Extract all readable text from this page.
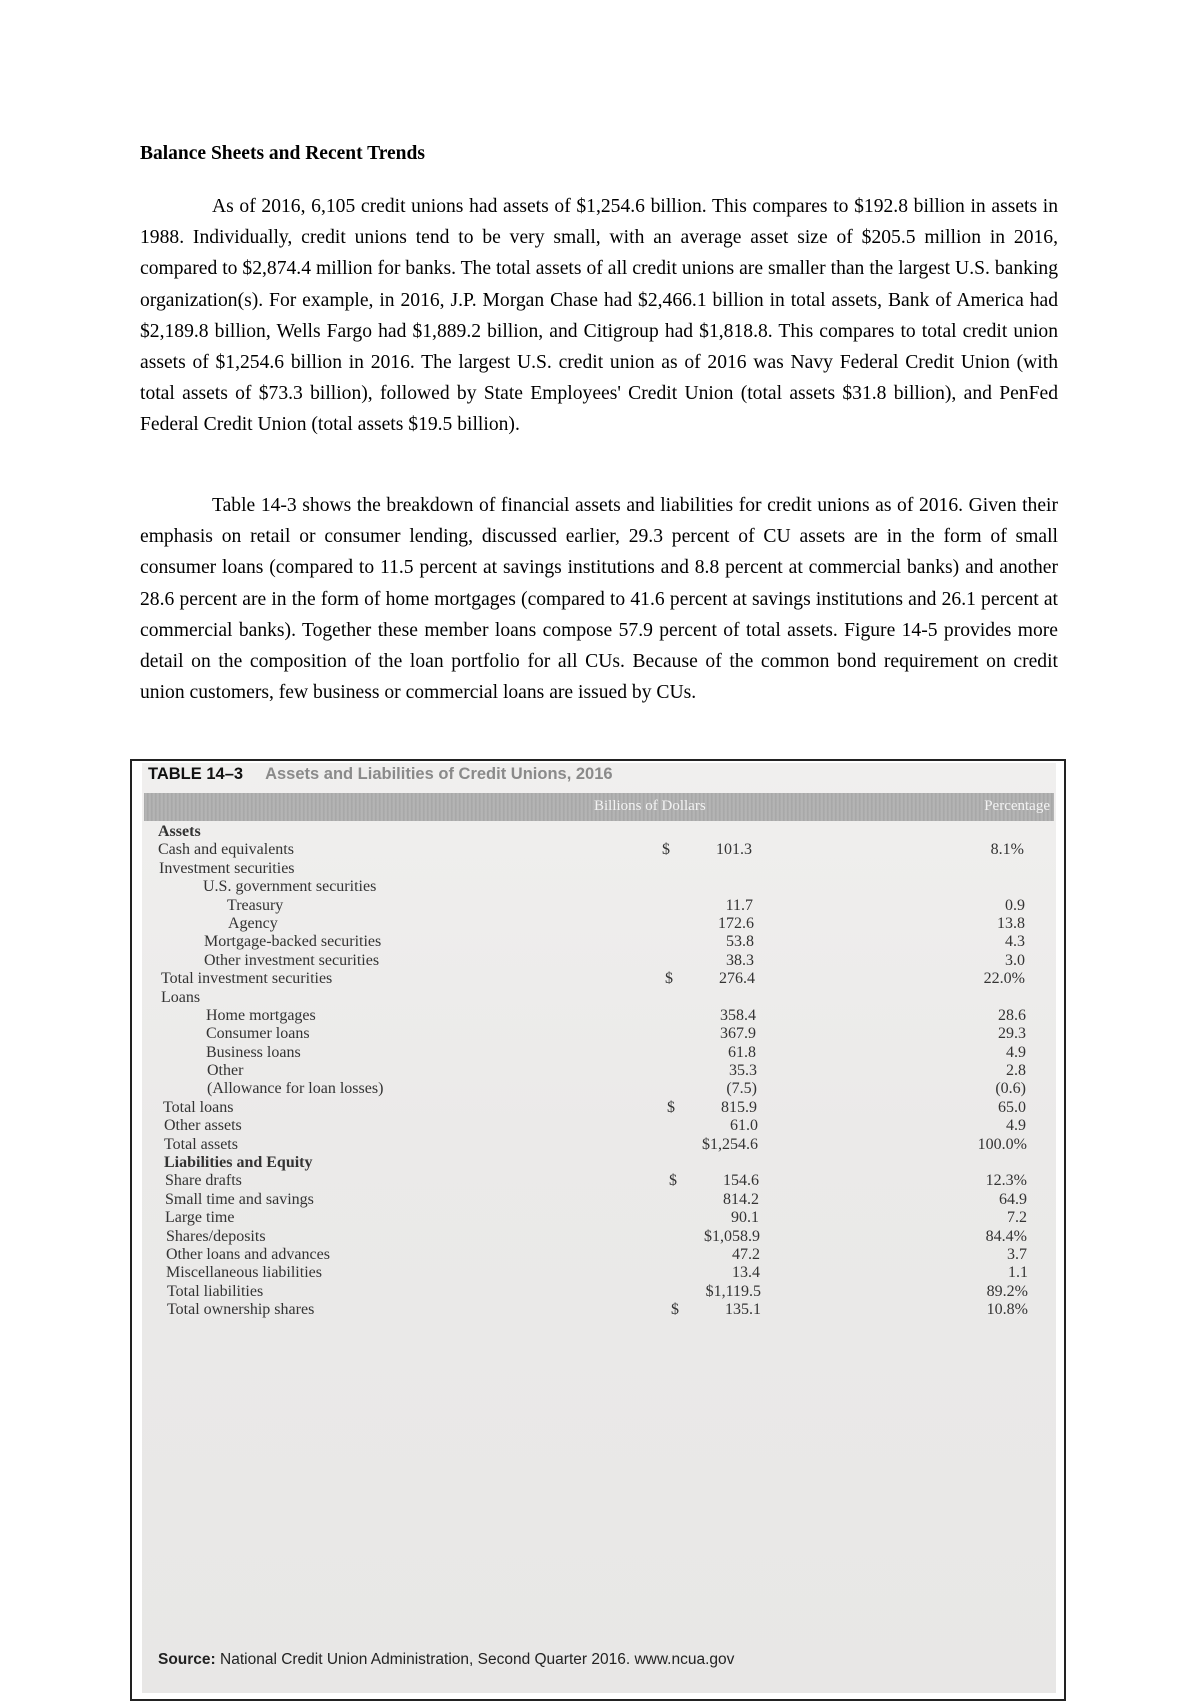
Balance Sheets and Recent Trends

As of 2016, 6,105 credit unions had assets of $1,254.6 billion. This compares to $192.8 billion in assets in 1988. Individually, credit unions tend to be very small, with an average asset size of $205.5 million in 2016, compared to $2,874.4 million for banks. The total assets of all credit unions are smaller than the largest U.S. banking organization(s). For example, in 2016, J.P. Morgan Chase had $2,466.1 billion in total assets, Bank of America had $2,189.8 billion, Wells Fargo had $1,889.2 billion, and Citigroup had $1,818.8. This compares to total credit union assets of $1,254.6 billion in 2016. The largest U.S. credit union as of 2016 was Navy Federal Credit Union (with total assets of $73.3 billion), followed by State Employees' Credit Union (total assets $31.8 billion), and PenFed Federal Credit Union (total assets $19.5 billion).

Table 14-3 shows the breakdown of financial assets and liabilities for credit unions as of 2016. Given their emphasis on retail or consumer lending, discussed earlier, 29.3 percent of CU assets are in the form of small consumer loans (compared to 11.5 percent at savings institutions and 8.8 percent at commercial banks) and another 28.6 percent are in the form of home mortgages (compared to 41.6 percent at savings institutions and 26.1 percent at commercial banks). Together these member loans compose 57.9 percent of total assets. Figure 14-5 provides more detail on the composition of the loan portfolio for all CUs. Because of the common bond requirement on credit union customers, few business or commercial loans are issued by CUs.

TABLE 14–3 Assets and Liabilities of Credit Unions, 2016
Billions of Dollars	Percentage
Assets
Cash and equivalents	$	101.3	8.1%
Investment securities
U.S. government securities
Treasury	11.7	0.9
Agency	172.6	13.8
Mortgage-backed securities	53.8	4.3
Other investment securities	38.3	3.0
Total investment securities	$	276.4	22.0%
Loans
Home mortgages	358.4	28.6
Consumer loans	367.9	29.3
Business loans	61.8	4.9
Other	35.3	2.8
(Allowance for loan losses)	(7.5)	(0.6)
Total loans	$	815.9	65.0
Other assets	61.0	4.9
Total assets	$1,254.6	100.0%
Liabilities and Equity
Share drafts	$	154.6	12.3%
Small time and savings	814.2	64.9
Large time	90.1	7.2
Shares/deposits	$1,058.9	84.4%
Other loans and advances	47.2	3.7
Miscellaneous liabilities	13.4	1.1
Total liabilities	$1,119.5	89.2%
Total ownership shares	$	135.1	10.8%
Source: National Credit Union Administration, Second Quarter 2016. www.ncua.gov
